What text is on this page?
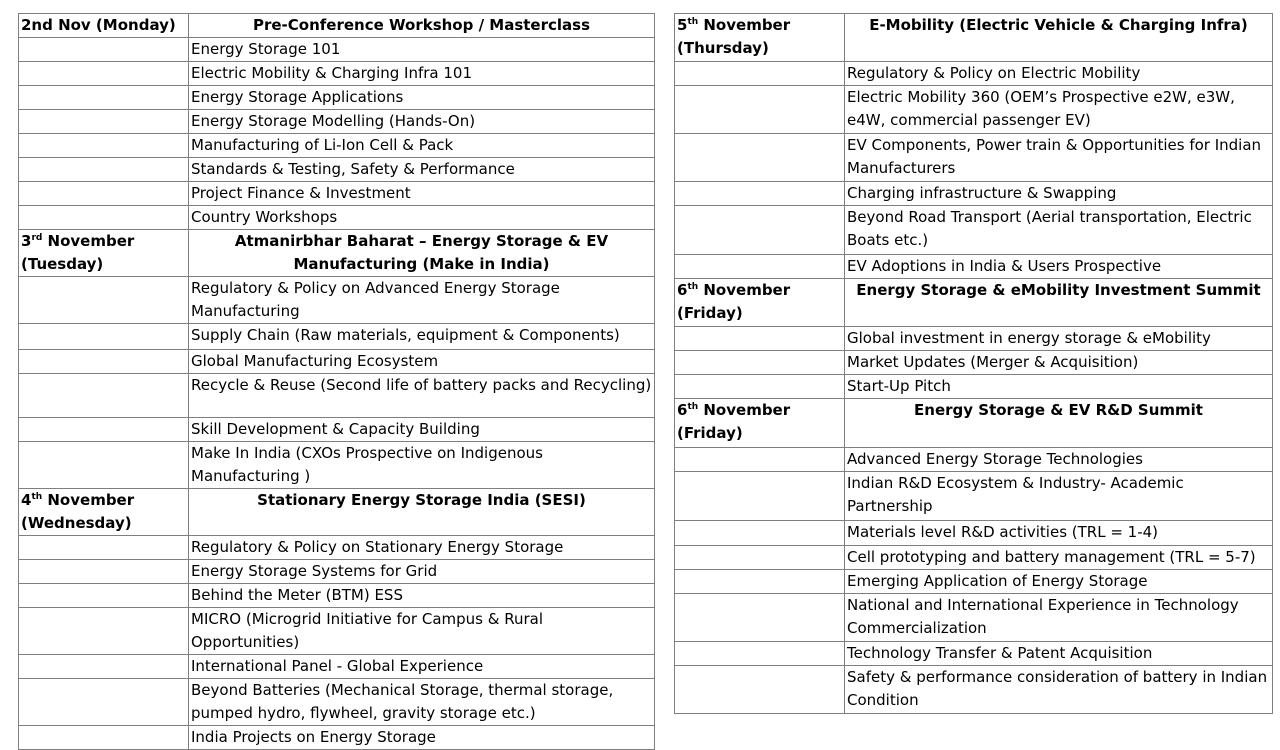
2nd Nov (Monday)	Pre-Conference Workshop / Masterclass
	Energy Storage 101
	Electric Mobility & Charging Infra 101
	Energy Storage Applications
	Energy Storage Modelling (Hands-On)
	Manufacturing of Li-Ion Cell & Pack
	Standards & Testing, Safety & Performance
	Project Finance & Investment
	Country Workshops
3rd November
(Tuesday)	Atmanirbhar Baharat – Energy Storage & EV Manufacturing (Make in India)
	Regulatory & Policy on Advanced Energy Storage Manufacturing
	Supply Chain (Raw materials, equipment & Components)
	Global Manufacturing Ecosystem
	Recycle & Reuse (Second life of battery packs and Recycling)
	Skill Development & Capacity Building
	Make In India (CXOs Prospective on Indigenous Manufacturing )
4th November
(Wednesday)	Stationary Energy Storage India (SESI)
	Regulatory & Policy on Stationary Energy Storage
	Energy Storage Systems for Grid
	Behind the Meter (BTM) ESS
	MICRO (Microgrid Initiative for Campus & Rural Opportunities)
	International Panel - Global Experience
	Beyond Batteries (Mechanical Storage, thermal storage, pumped hydro, flywheel, gravity storage etc.)
	India Projects on Energy Storage
5th November
(Thursday)	E-Mobility (Electric Vehicle & Charging Infra)
	Regulatory & Policy on Electric Mobility
	Electric Mobility 360 (OEM’s Prospective e2W, e3W, e4W, commercial passenger EV)
	EV Components, Power train & Opportunities for Indian Manufacturers
	Charging infrastructure & Swapping
	Beyond Road Transport (Aerial transportation, Electric Boats etc.)
	EV Adoptions in India & Users Prospective
6th November
(Friday)	Energy Storage & eMobility Investment Summit
	Global investment in energy storage & eMobility
	Market Updates (Merger & Acquisition)
	Start-Up Pitch
6th November
(Friday)	Energy Storage & EV R&D Summit
	Advanced Energy Storage Technologies
	Indian R&D Ecosystem & Industry- Academic Partnership
	Materials level R&D activities (TRL = 1-4)
	Cell prototyping and battery management (TRL = 5-7)
	Emerging Application of Energy Storage
	National and International Experience in Technology Commercialization
	Technology Transfer & Patent Acquisition
	Safety & performance consideration of battery in Indian Condition
